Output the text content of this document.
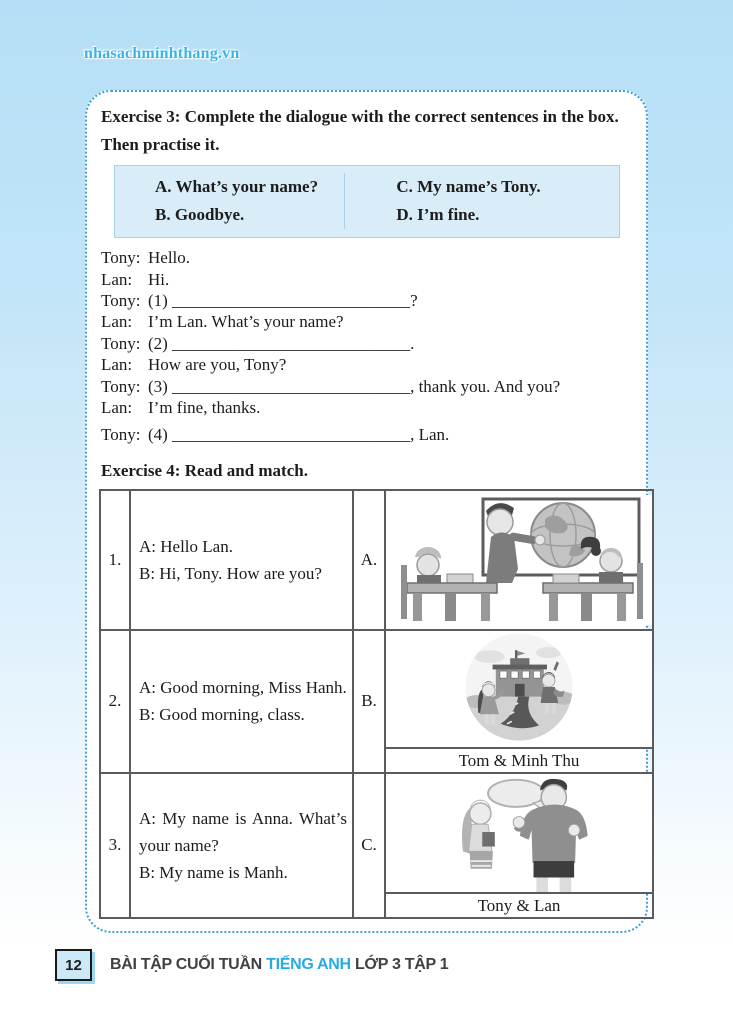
nhasachminhthang.vn

Exercise 3: Complete the dialogue with the correct sentences in the box. Then practise it.

A. What’s your name?
B. Goodbye.
C. My name’s Tony.
D. I’m fine.
Tony: Hello.
Lan: Hi.
Tony: (1) ____________________________?
Lan: I’m Lan. What’s your name?
Tony: (2) ____________________________.
Lan: How are you, Tony?
Tony: (3) ____________________________, thank you. And you?
Lan: I’m fine, thanks.
Tony: (4) ____________________________, Lan.

Exercise 4: Read and match.

1.	A: Hello Lan.
B: Hi, Tony. How are you?	A.	

2.	A: Good morning, Miss Hanh.
B: Good morning, class.	B.	Tom & Minh Thu

3.	A: My name is Anna. What’s your name?
B: My name is Manh.	C.	Tony & Lan
12	BÀI TẬP CUỐI TUẦN TIẾNG ANH LỚP 3 TẬP 1
